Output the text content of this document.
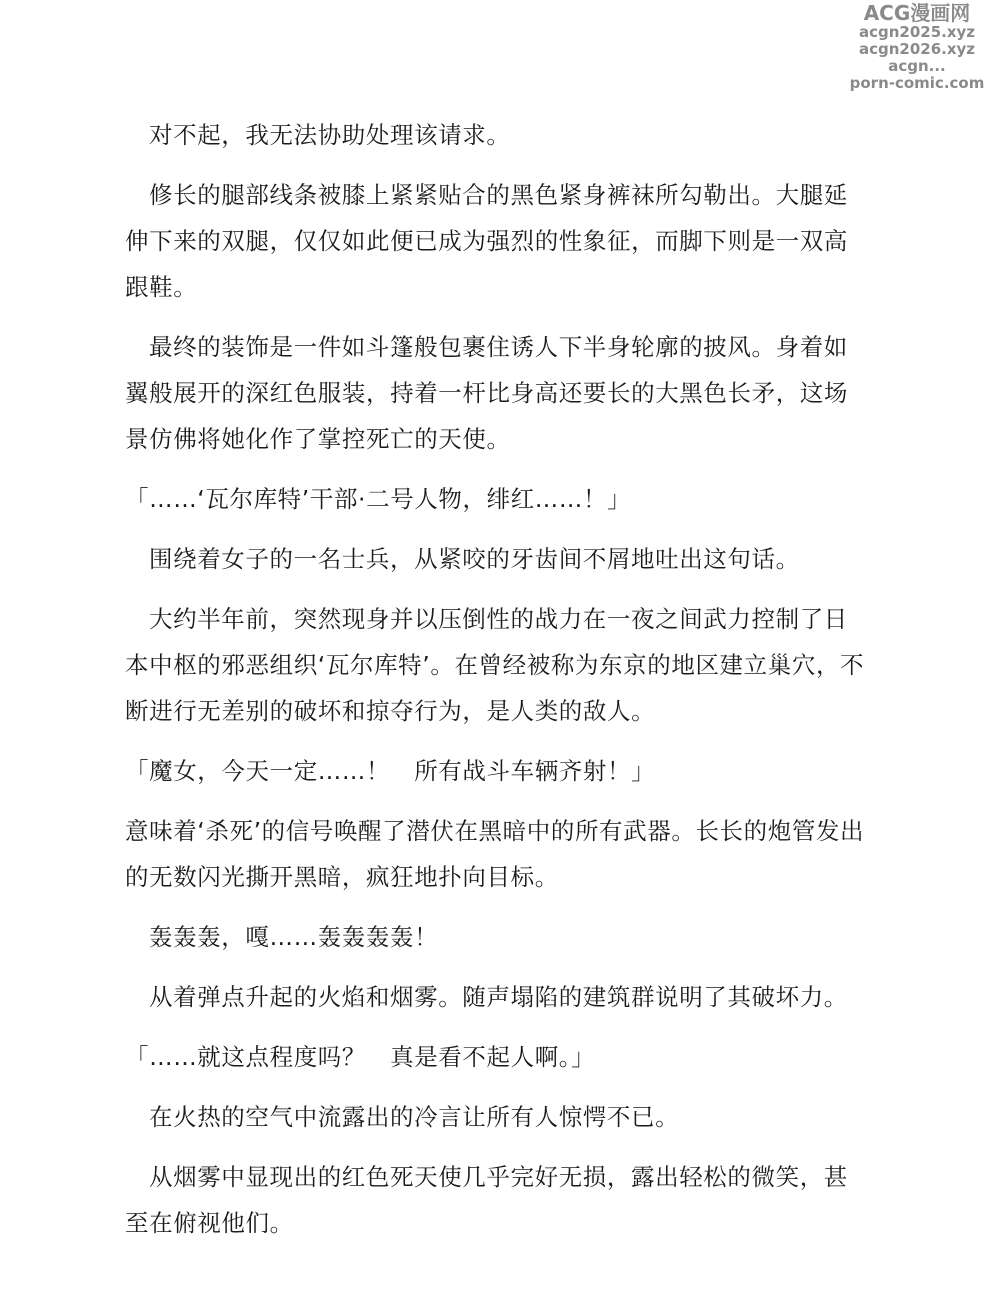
ACG漫画网
acgn2025.xyz
acgn2026.xyz
acgn...
porn-comic.com

对不起，我无法协助处理该请求。

修长的腿部线条被膝上紧紧贴合的黑色紧身裤袜所勾勒出。大腿延伸下来的双腿，仅仅如此便已成为强烈的性象征，而脚下则是一双高跟鞋。

最终的装饰是一件如斗篷般包裹住诱人下半身轮廓的披风。身着如翼般展开的深红色服装，持着一杆比身高还要长的大黑色长矛，这场景仿佛将她化作了掌控死亡的天使。

「……‘瓦尔库特’干部·二号人物，绯红……！」

围绕着女子的一名士兵，从紧咬的牙齿间不屑地吐出这句话。

大约半年前，突然现身并以压倒性的战力在一夜之间武力控制了日本中枢的邪恶组织‘瓦尔库特’。在曾经被称为东京的地区建立巢穴，不断进行无差别的破坏和掠夺行为，是人类的敌人。

「魔女，今天一定……！　所有战斗车辆齐射！」

意味着‘杀死’的信号唤醒了潜伏在黑暗中的所有武器。长长的炮管发出的无数闪光撕开黑暗，疯狂地扑向目标。

轰轰轰，嘎……轰轰轰轰！

从着弹点升起的火焰和烟雾。随声塌陷的建筑群说明了其破坏力。

「……就这点程度吗？　真是看不起人啊。」

在火热的空气中流露出的冷言让所有人惊愕不已。

从烟雾中显现出的红色死天使几乎完好无损，露出轻松的微笑，甚至在俯视他们。
